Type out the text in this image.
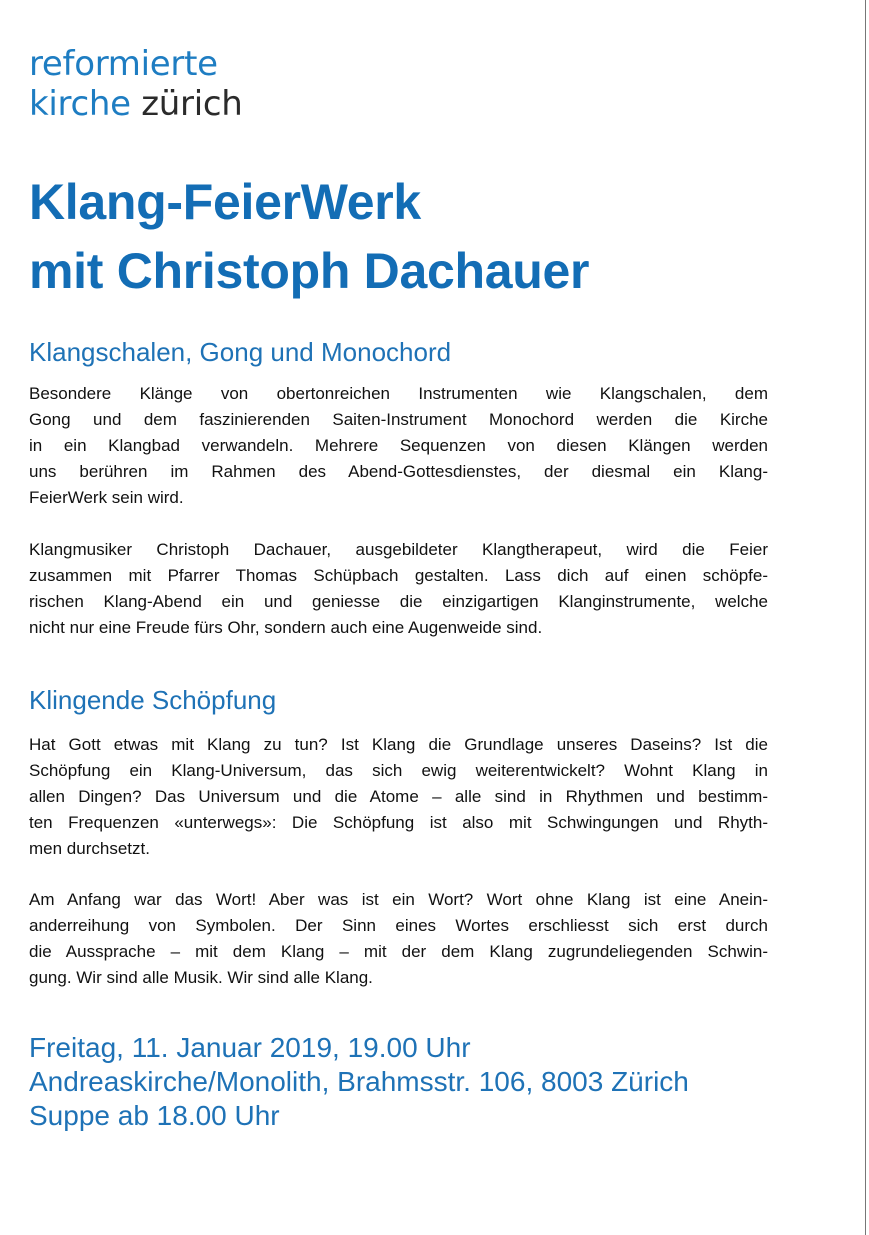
reformierte
kirche zürich
Klang-FeierWerk
mit Christoph Dachauer
Klangschalen, Gong und Monochord

Besondere Klänge von obertonreichen Instrumenten wie Klangschalen, dem
Gong und dem faszinierenden Saiten-Instrument Monochord werden die Kirche
in ein Klangbad verwandeln. Mehrere Sequenzen von diesen Klängen werden
uns berühren im Rahmen des Abend-Gottesdienstes, der diesmal ein Klang-
FeierWerk sein wird.

Klangmusiker Christoph Dachauer, ausgebildeter Klangtherapeut, wird die Feier
zusammen mit Pfarrer Thomas Schüpbach gestalten. Lass dich auf einen schöpfe-
rischen Klang-Abend ein und geniesse die einzigartigen Klanginstrumente, welche
nicht nur eine Freude fürs Ohr, sondern auch eine Augenweide sind.

Klingende Schöpfung

Hat Gott etwas mit Klang zu tun? Ist Klang die Grundlage unseres Daseins? Ist die
Schöpfung ein Klang-Universum, das sich ewig weiterentwickelt? Wohnt Klang in
allen Dingen? Das Universum und die Atome – alle sind in Rhythmen und bestimm-
ten Frequenzen «unterwegs»: Die Schöpfung ist also mit Schwingungen und Rhyth-
men durchsetzt.

Am Anfang war das Wort! Aber was ist ein Wort? Wort ohne Klang ist eine Anein-
anderreihung von Symbolen. Der Sinn eines Wortes erschliesst sich erst durch
die Aussprache – mit dem Klang – mit der dem Klang zugrundeliegenden Schwin-
gung. Wir sind alle Musik. Wir sind alle Klang.

Freitag, 11. Januar 2019, 19.00 Uhr
Andreaskirche/Monolith, Brahmsstr. 106, 8003 Zürich
Suppe ab 18.00 Uhr
